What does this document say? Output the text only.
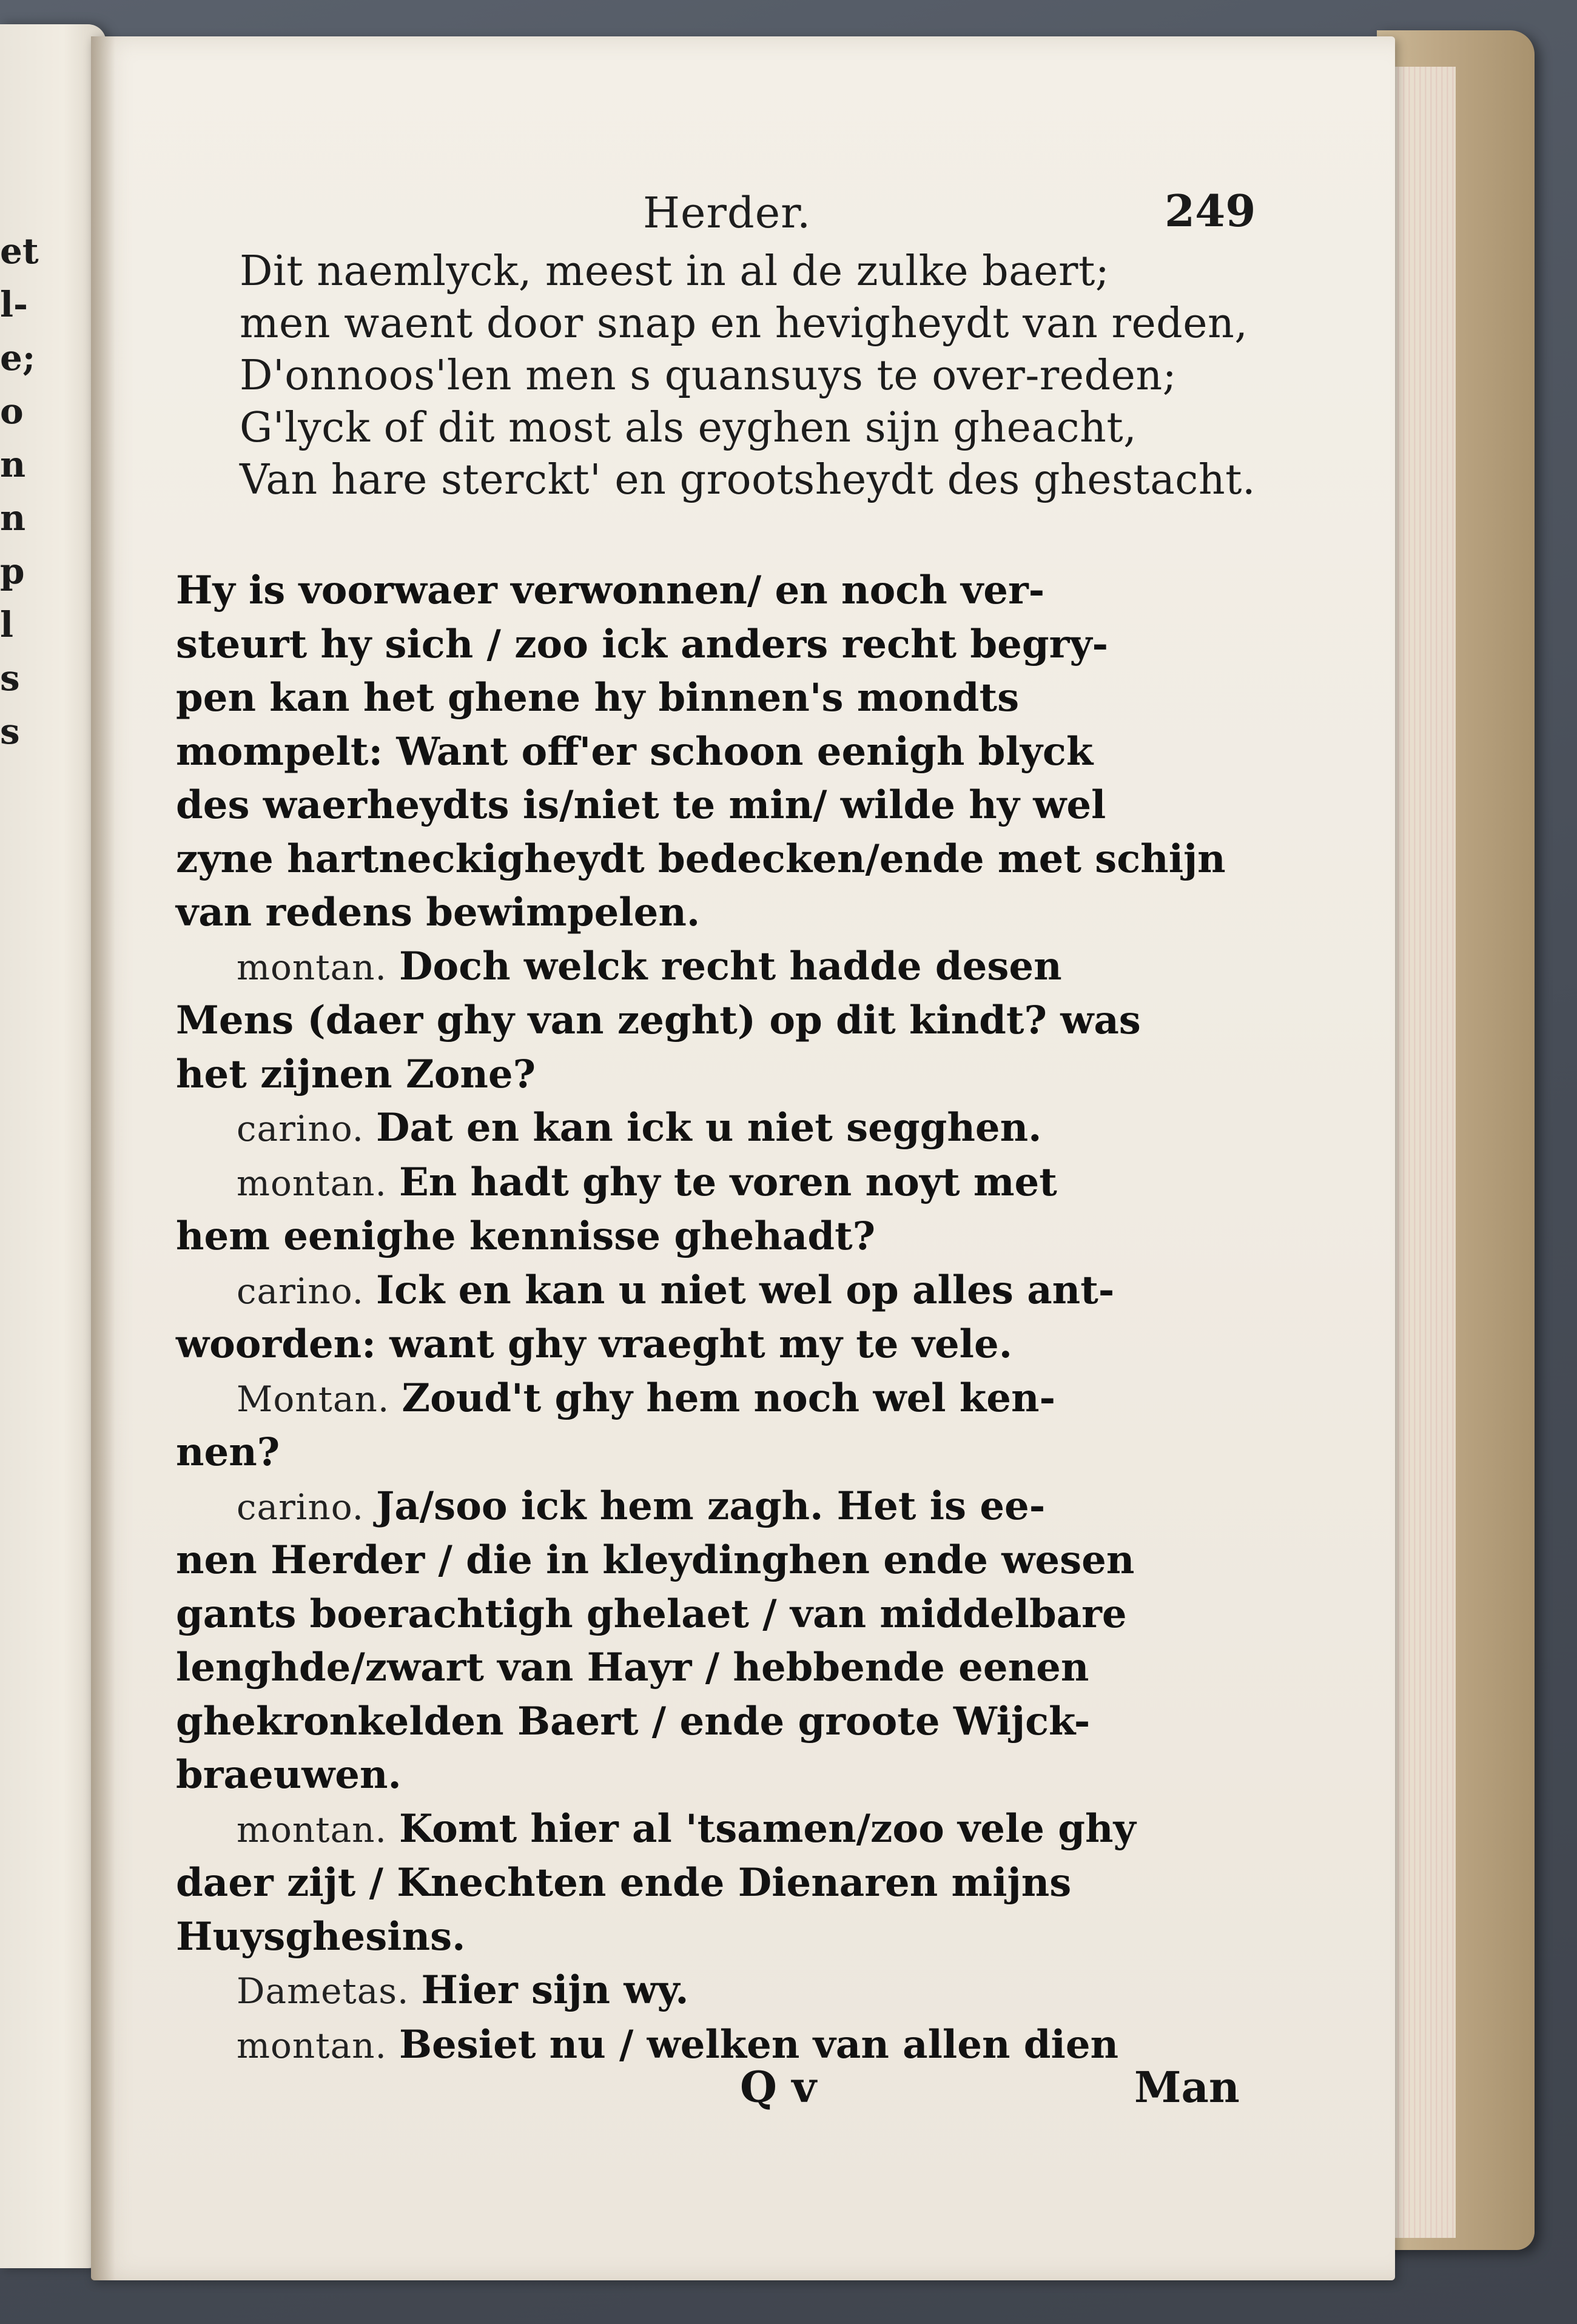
et
l-
e;
o
n
n
p
l
s
s
Herder.	249
Dit naemlyck, meest in al de zulke baert;
men waent door snap en hevigheydt van reden,
D'onnoos'len men s quansuys te over-reden;
G'lyck of dit most als eyghen sijn gheacht,
Van hare sterckt' en grootsheydt des ghestacht.
Hy is voorwaer verwonnen/ en noch ver-
steurt hy sich / zoo ick anders recht begry-
pen kan het ghene hy binnen's mondts
mompelt: Want off'er schoon eenigh blyck
des waerheydts is/niet te min/ wilde hy wel
zyne hartneckigheydt bedecken/ende met schijn
van redens bewimpelen.
montan. Doch welck recht hadde desen
Mens (daer ghy van zeght) op dit kindt? was
het zijnen Zone?
carino. Dat en kan ick u niet segghen.
montan. En hadt ghy te voren noyt met
hem eenighe kennisse ghehadt?
carino. Ick en kan u niet wel op alles ant-
woorden: want ghy vraeght my te vele.
Montan. Zoud't ghy hem noch wel ken-
nen?
carino. Ja/soo ick hem zagh. Het is ee-
nen Herder / die in kleydinghen ende wesen
gants boerachtigh ghelaet / van middelbare
lenghde/zwart van Hayr / hebbende eenen
ghekronkelden Baert / ende groote Wijck-
braeuwen.
montan. Komt hier al 'tsamen/zoo vele ghy
daer zijt / Knechten ende Dienaren mijns
Huysghesins.
Dametas. Hier sijn wy.
montan. Besiet nu / welken van allen dien
Q v	Man
